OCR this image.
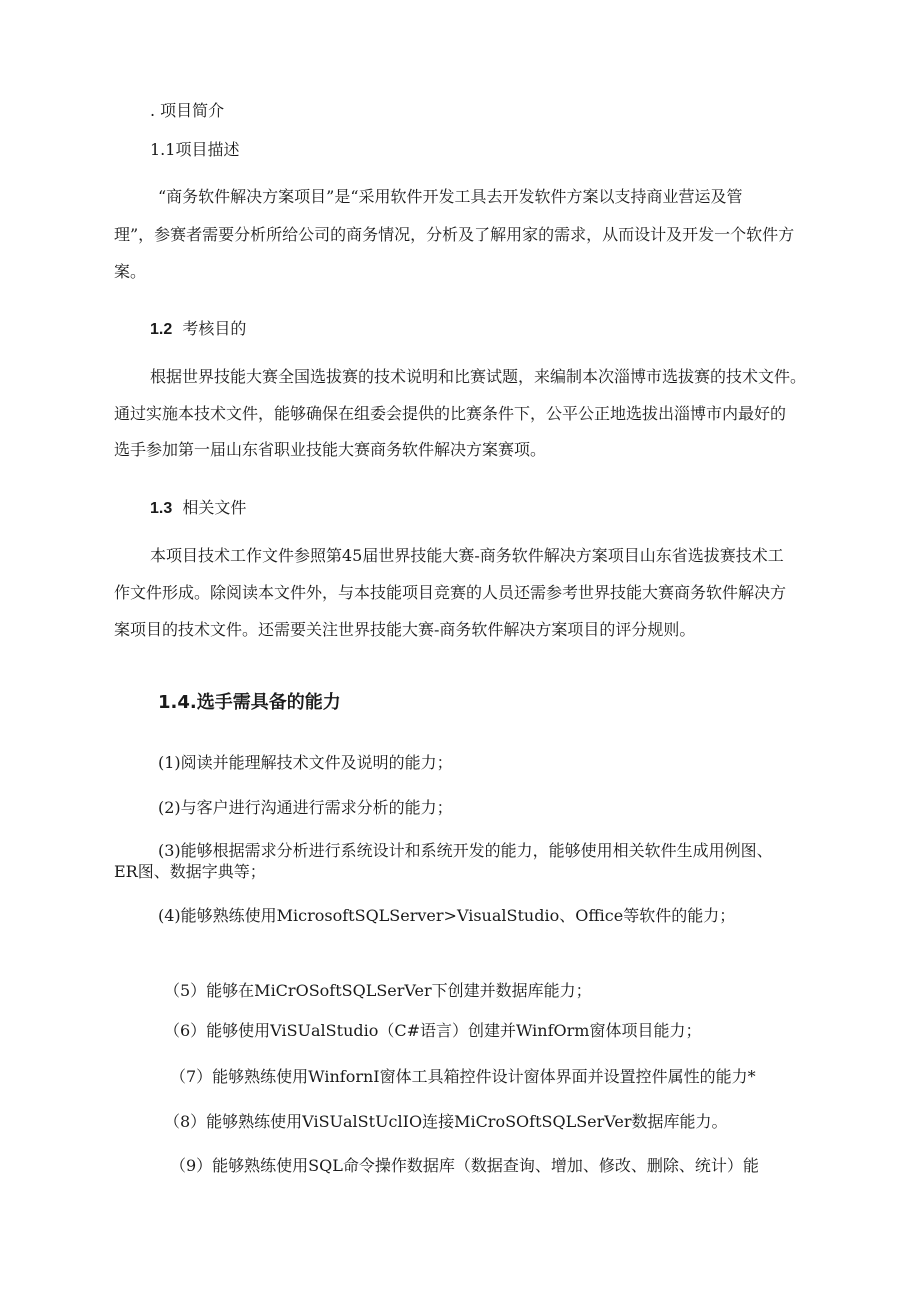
. 项目简介
1.1项目描述
“商务软件解决方案项目”是“采用软件开发工具去开发软件方案以支持商业营运及管
理”，参赛者需要分析所给公司的商务情况，分析及了解用家的需求，从而设计及开发一个软件方
案。
1.2 考核目的
根据世界技能大赛全国选拔赛的技术说明和比赛试题，来编制本次淄博市选拔赛的技术文件。
通过实施本技术文件，能够确保在组委会提供的比赛条件下，公平公正地选拔出淄博市内最好的
选手参加第一届山东省职业技能大赛商务软件解决方案赛项。
1.3 相关文件
本项目技术工作文件参照第45届世界技能大赛-商务软件解决方案项目山东省选拔赛技术工
作文件形成。除阅读本文件外，与本技能项目竞赛的人员还需参考世界技能大赛商务软件解决方
案项目的技术文件。还需要关注世界技能大赛-商务软件解决方案项目的评分规则。
1.4.选手需具备的能力
(1)阅读并能理解技术文件及说明的能力；
(2)与客户进行沟通进行需求分析的能力；
(3)能够根据需求分析进行系统设计和系统开发的能力，能够使用相关软件生成用例图、
ER图、数据字典等；
(4)能够熟练使用MicrosoftSQLServer>VisualStudio、Office等软件的能力；
（5）能够在MiCrOSoftSQLSerVer下创建并数据库能力；
（6）能够使用ViSUalStudio（C#语言）创建并WinfOrm窗体项目能力；
（7）能够熟练使用WinfornI窗体工具箱控件设计窗体界面并设置控件属性的能力*
（8）能够熟练使用ViSUalStUclIO连接MiCroSOftSQLSerVer数据库能力。
（9）能够熟练使用SQL命令操作数据库（数据查询、增加、修改、删除、统计）能
